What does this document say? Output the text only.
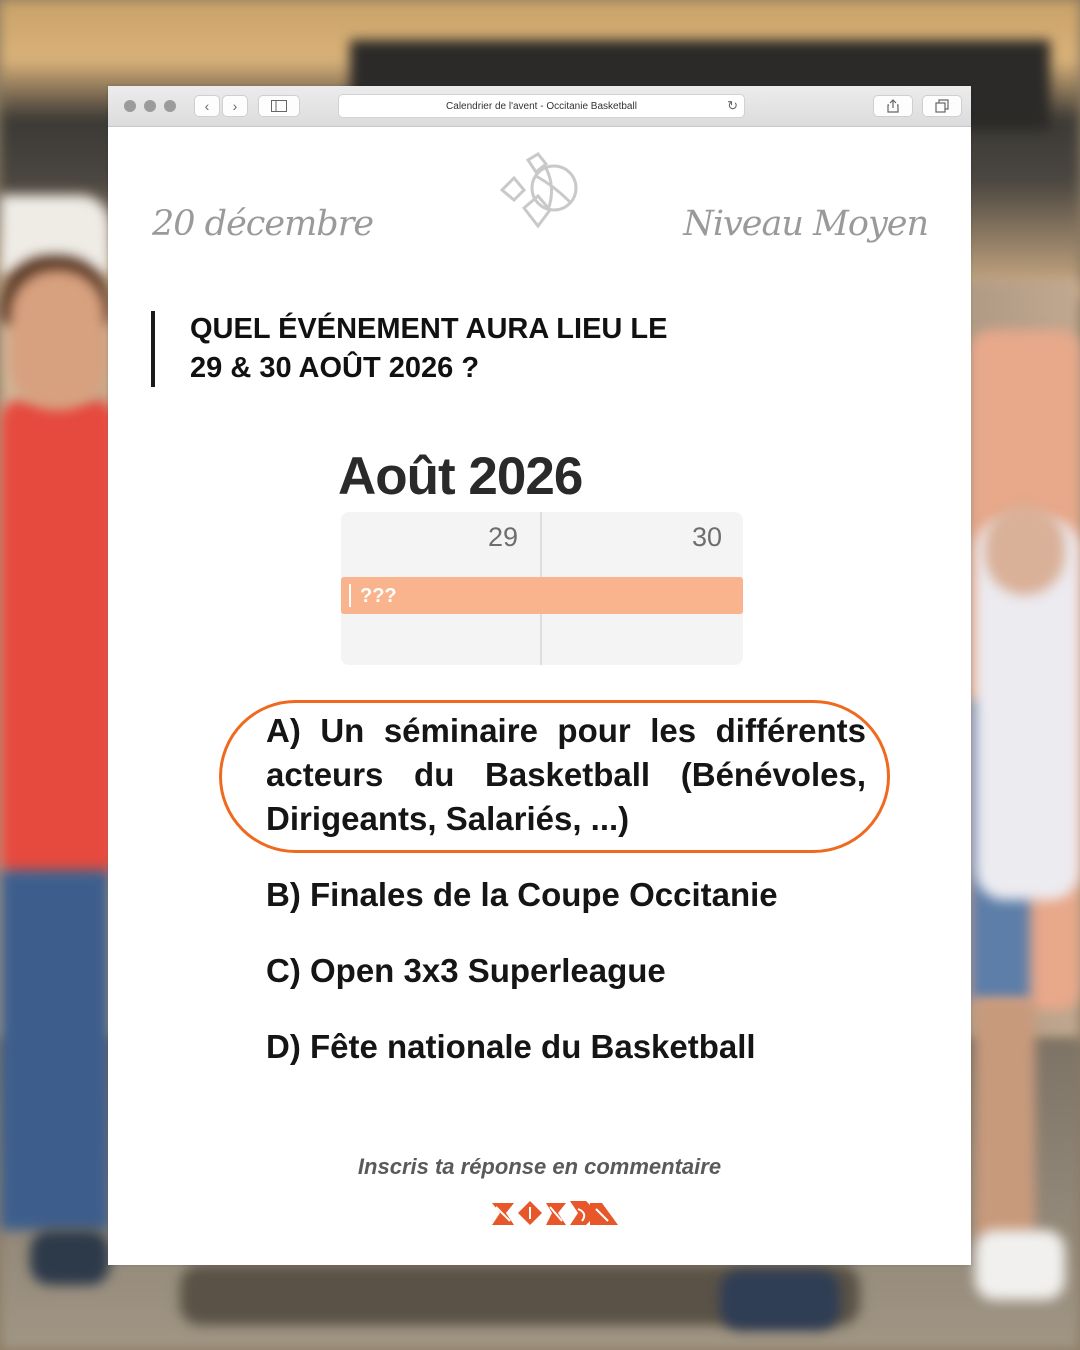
‹ ›	Calendrier de l'avent - Occitanie Basketball	↻
20 décembre	Niveau Moyen
QUEL ÉVÉNEMENT AURA LIEU LE
29 & 30 AOÛT 2026 ?
Août 2026
29	30
???
A) Un séminaire pour les différents acteurs du Basketball (Bénévoles, Dirigeants, Salariés, ...)
B) Finales de la Coupe Occitanie
C) Open 3x3 Superleague
D) Fête nationale du Basketball
Inscris ta réponse en commentaire
